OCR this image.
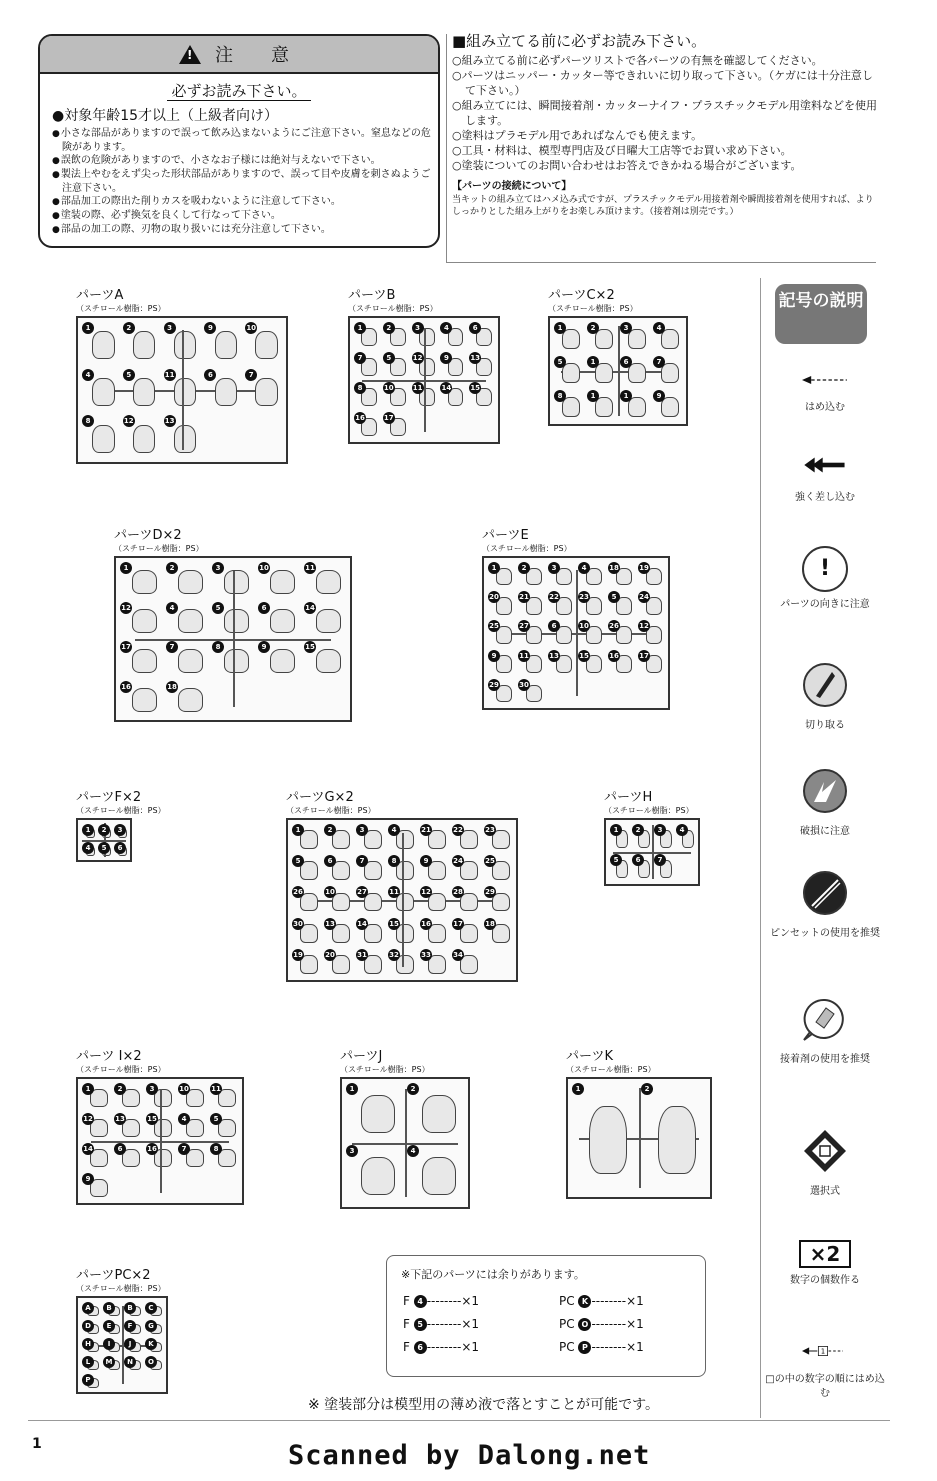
!
注　意
必ずお読み下さい。
●対象年齢15才以上（上級者向け）
● 小さな部品がありますので誤って飲み込まないようにご注意下さい。窒息などの危険があります。
● 誤飲の危険がありますので、小さなお子様には絶対与えないで下さい。
● 製法上やむをえず尖った形状部品がありますので、誤って目や皮膚を刺さぬようご注意下さい。
● 部品加工の際出た削りカスを吸わないように注意して下さい。
● 塗装の際、必ず換気を良くして行なって下さい。
● 部品の加工の際、刃物の取り扱いには充分注意して下さい。
■組み立てる前に必ずお読み下さい。
○ 組み立てる前に必ずパーツリストで各パーツの有無を確認してください。
○ パーツはニッパー・カッター等できれいに切り取って下さい。（ケガには十分注意して下さい。）
○ 組み立てには、瞬間接着剤・カッターナイフ・プラスチックモデル用塗料などを使用します。
○ 塗料はプラモデル用であればなんでも使えます。
○ 工具・材料は、模型専門店及び日曜大工店等でお買い求め下さい。
○ 塗装についてのお問い合わせはお答えできかねる場合がございます。
【パーツの接続について】
当キットの組み立てはハメ込み式ですが、プラスチックモデル用接着剤や瞬間接着剤を使用すれば、よりしっかりとした組み上がりをお楽しみ頂けます。（接着剤は別売です。）
パーツA
（スチロール樹脂：PS）
1	2	3	9	10
4	5	11	6	7
8	12	13
パーツB
（スチロール樹脂：PS）
1	2	3	4	6
7	5	12	9	13
8	10	11	14	15
16	17
パーツC×2
（スチロール樹脂：PS）
1	2	3	4
5	1	6	7
8	1	1	9
パーツD×2
（スチロール樹脂：PS）
1	2	3	10	11
12	4	5	6	14
17	7	8	9	15
16	18
パーツE
（スチロール樹脂：PS）
1	2	3	4	18	19
20	21	22	23	5	24
25	27	6	10	26	12
9	11	13	15	16	17
29	30
パーツF×2
（スチロール樹脂：PS）
1	2	3
4	5	6
パーツG×2
（スチロール樹脂：PS）
1	2	3	4	21	22	23
5	6	7	8	9	24	25
26	10	27	11	12	28	29
30	13	14	15	16	17	18
19	20	31	32	33	34
パーツH
（スチロール樹脂：PS）
1	2	3	4
5	6	7
パーツ I×2
（スチロール樹脂：PS）
1	2	3	10	11
12	13	15	4	5
14	6	16	7	8
9
パーツJ
（スチロール樹脂：PS）
1	2
3	4
パーツK
（スチロール樹脂：PS）
1	2
パーツPC×2
（スチロール樹脂：PS）
A	B	B	C
D	E	F	G
H	I	J	K
L	M	N	O
P
記号の説明
はめ込む
強く差し込む
!
パーツの向きに注意
切り取る
破損に注意
ピンセットの使用を推奨
接着剤の使用を推奨
選択式
×2
数字の個数作る
1
□の中の数字の順にはめ込む
※下記のパーツには余りがあります。
F 4 --------×1
F 5 --------×1
F 6 --------×1
PC K --------×1
PC O --------×1
PC P --------×1
※ 塗装部分は模型用の薄め液で落とすことが可能です。
1	Scanned by Dalong.net
